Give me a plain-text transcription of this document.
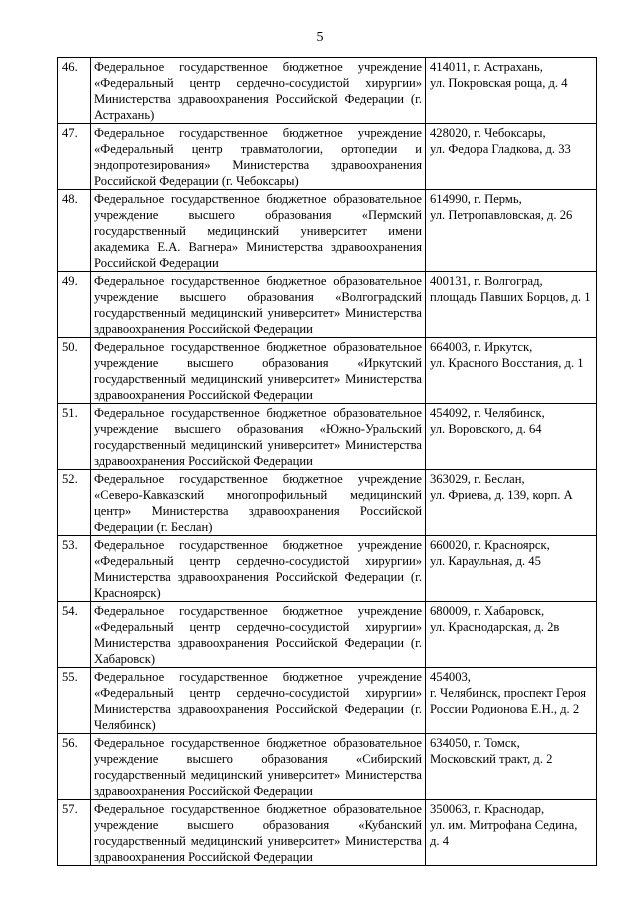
5
46.	Федеральное государственное бюджетное учреждение «Федеральный центр сердечно-сосудистой хирургии» Министерства здравоохранения Российской Федерации (г. Астрахань)	414011, г. Астрахань,
ул. Покровская роща, д. 4

47.	Федеральное государственное бюджетное учреждение «Федеральный центр травматологии, ортопедии и эндопротезирования» Министерства здравоохранения Российской Федерации (г. Чебоксары)	428020, г. Чебоксары,
ул. Федора Гладкова, д. 33

48.	Федеральное государственное бюджетное образовательное учреждение высшего образования «Пермский государственный медицинский университет имени академика Е.А. Вагнера» Министерства здравоохранения Российской Федерации	614990, г. Пермь,
ул. Петропавловская, д. 26

49.	Федеральное государственное бюджетное образовательное учреждение высшего образования «Волгоградский государственный медицинский университет» Министерства здравоохранения Российской Федерации	400131, г. Волгоград,
площадь Павших Борцов, д. 1

50.	Федеральное государственное бюджетное образовательное учреждение высшего образования «Иркутский государственный медицинский университет» Министерства здравоохранения Российской Федерации	664003, г. Иркутск,
ул. Красного Восстания, д. 1

51.	Федеральное государственное бюджетное образовательное учреждение высшего образования «Южно-Уральский государственный медицинский университет» Министерства здравоохранения Российской Федерации	454092, г. Челябинск,
ул. Воровского, д. 64

52.	Федеральное государственное бюджетное учреждение «Северо-Кавказский многопрофильный медицинский центр» Министерства здравоохранения Российской Федерации (г. Беслан)	363029, г. Беслан,
ул. Фриева, д. 139, корп. А

53.	Федеральное государственное бюджетное учреждение «Федеральный центр сердечно-сосудистой хирургии» Министерства здравоохранения Российской Федерации (г. Красноярск)	660020, г. Красноярск,
ул. Караульная, д. 45

54.	Федеральное государственное бюджетное учреждение «Федеральный центр сердечно-сосудистой хирургии» Министерства здравоохранения Российской Федерации (г. Хабаровск)	680009, г. Хабаровск,
ул. Краснодарская, д. 2в

55.	Федеральное государственное бюджетное учреждение «Федеральный центр сердечно-сосудистой хирургии» Министерства здравоохранения Российской Федерации (г. Челябинск)	454003,
г. Челябинск, проспект Героя
России Родионова Е.Н., д. 2

56.	Федеральное государственное бюджетное образовательное учреждение высшего образования «Сибирский государственный медицинский университет» Министерства здравоохранения Российской Федерации	634050, г. Томск,
Московский тракт, д. 2

57.	Федеральное государственное бюджетное образовательное учреждение высшего образования «Кубанский государственный медицинский университет» Министерства здравоохранения Российской Федерации	350063, г. Краснодар,
ул. им. Митрофана Седина,
д. 4
